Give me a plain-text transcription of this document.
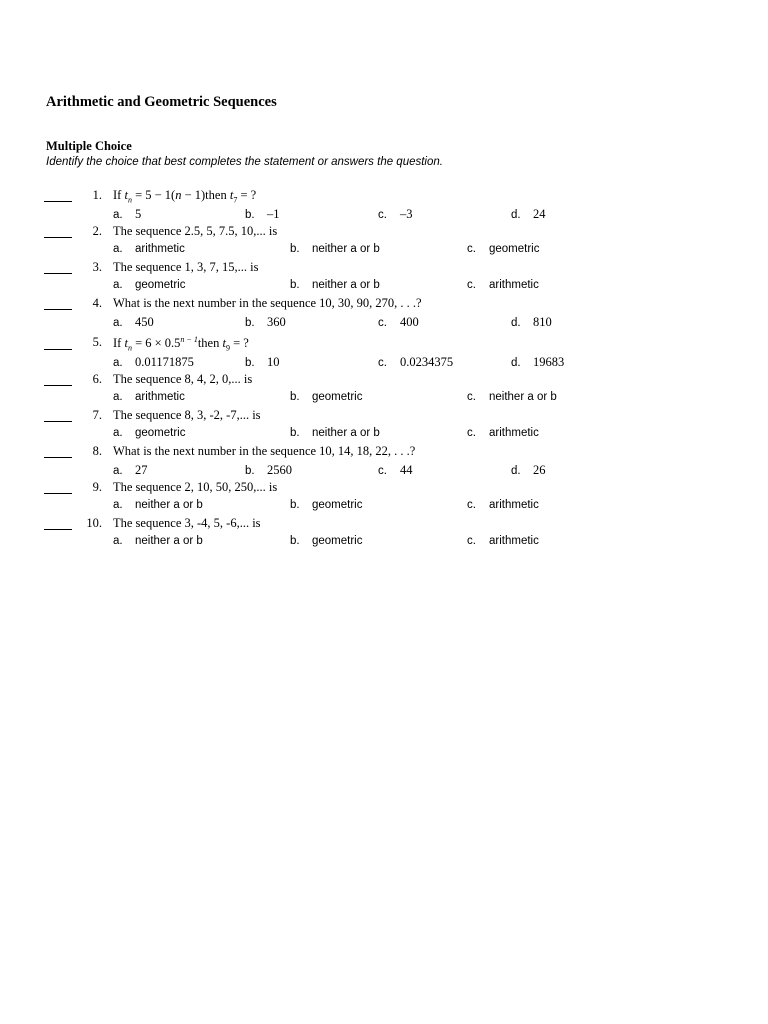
Arithmetic and Geometric Sequences
Multiple Choice

Identify the choice that best completes the statement or answers the question.

1. If $t_n = 5 - 1(n$ − 1)then $t_7$ = ?
a. 5	b. –1	c. –3	d. 24
2. The sequence 2.5, 5, 7.5, 10,... is
a. arithmetic	b. neither a or b	c. geometric
3. The sequence 1, 3, 7, 15,... is
a. geometric	b. neither a or b	c. arithmetic
4. What is the next number in the sequence 10, 30, 90, 270, . . .?
a. 450	b. 360	c. 400	d. 810
5. If $t_n = 6$ × $0.5^{n - 1}then$ $t_9$ = ?
a. 0.01171875	b. 10	c. 0.0234375	d. 19683
6. The sequence 8, 4, 2, 0,... is
a. arithmetic	b. geometric	c. neither a or b
7. The sequence 8, 3, -2, -7,... is
a. geometric	b. neither a or b	c. arithmetic
8. What is the next number in the sequence 10, 14, 18, 22, . . .?
a. 27	b. 2560	c. 44	d. 26
9. The sequence 2, 10, 50, 250,... is
a. neither a or b	b. geometric	c. arithmetic
10. The sequence 3, -4, 5, -6,... is
a. neither a or b	b. geometric	c. arithmetic
